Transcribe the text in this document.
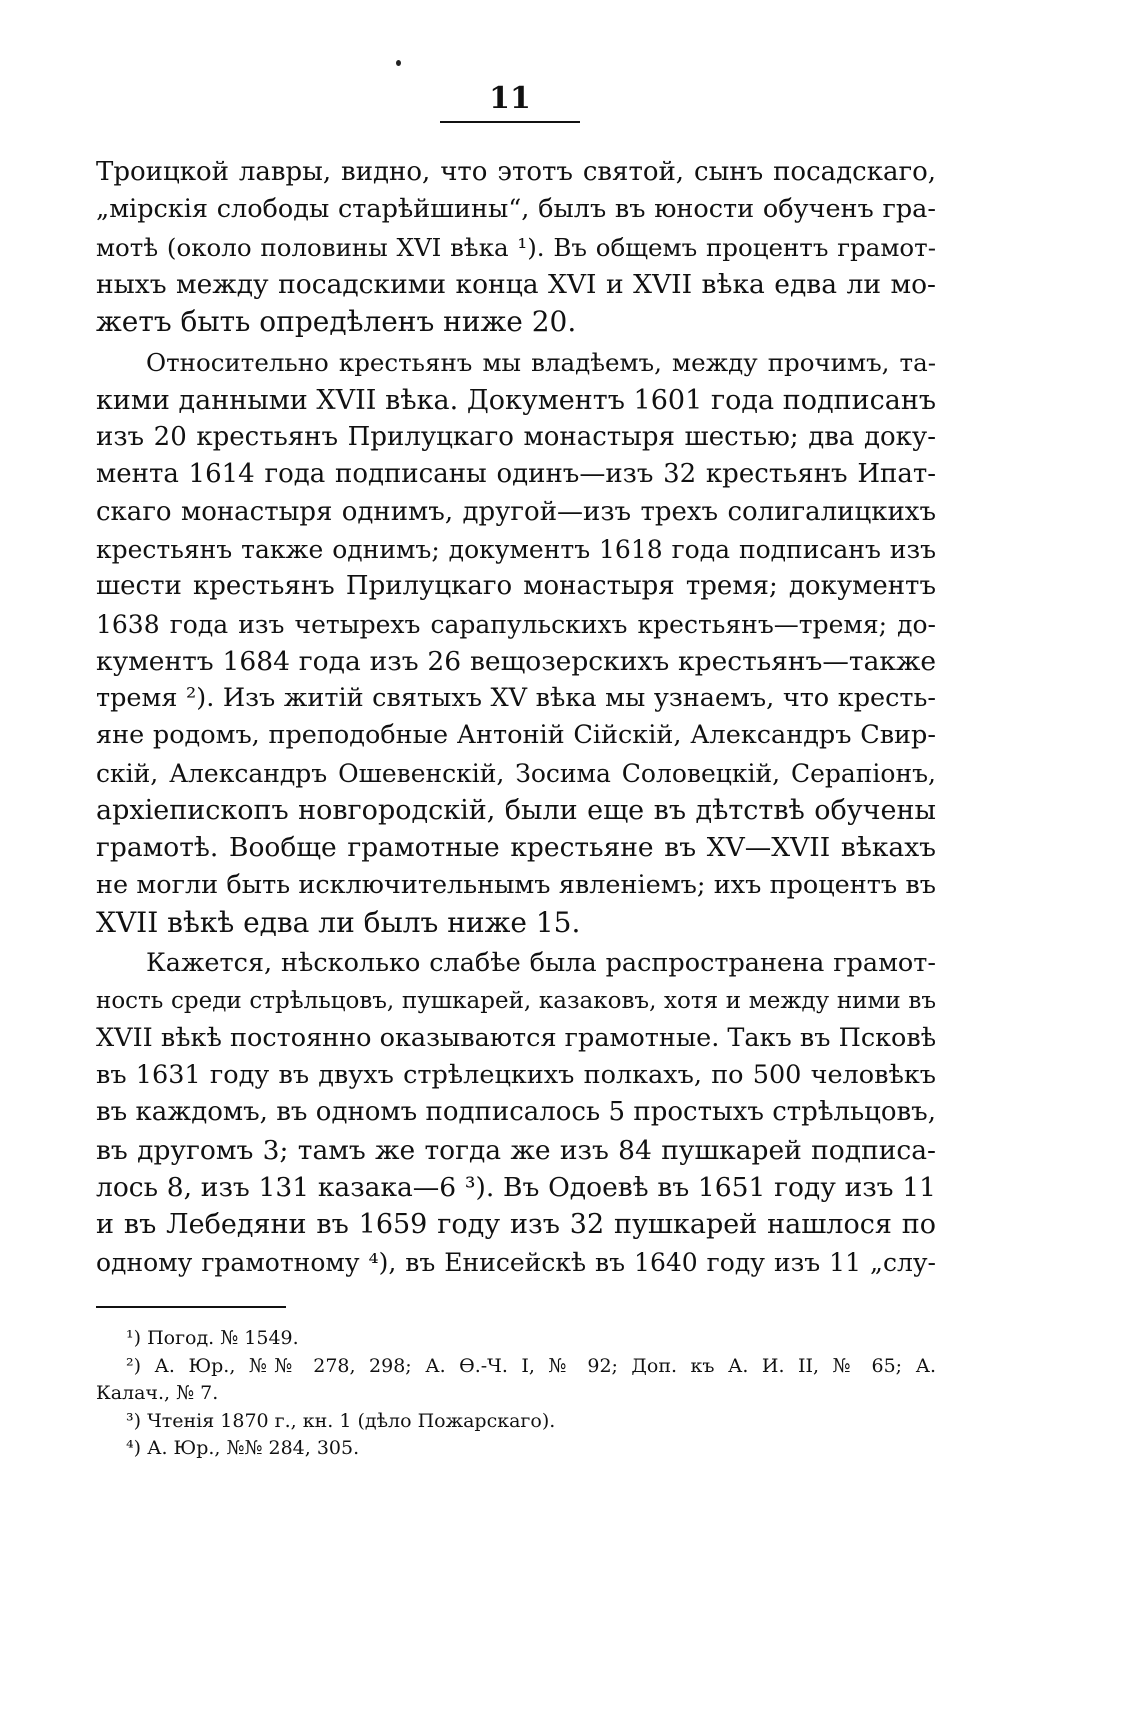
11
Троицкой лавры, видно, что этотъ святой, сынъ посадскаго,
„мірскія слободы старѣйшины“, былъ въ юности обученъ гра-
мотѣ (около половины XVI вѣка ¹). Въ общемъ процентъ грамот-
ныхъ между посадскими конца XVI и XVII вѣка едва ли мо-
жетъ быть опредѣленъ ниже 20.
Относительно крестьянъ мы владѣемъ, между прочимъ, та-
кими данными XVII вѣка. Документъ 1601 года подписанъ
изъ 20 крестьянъ Прилуцкаго монастыря шестью; два доку-
мента 1614 года подписаны одинъ—изъ 32 крестьянъ Ипат-
скаго монастыря однимъ, другой—изъ трехъ солигалицкихъ
крестьянъ также однимъ; документъ 1618 года подписанъ изъ
шести крестьянъ Прилуцкаго монастыря тремя; документъ
1638 года изъ четырехъ сарапульскихъ крестьянъ—тремя; до-
кументъ 1684 года изъ 26 вещозерскихъ крестьянъ—также
тремя ²). Изъ житій святыхъ XV вѣка мы узнаемъ, что кресть-
яне родомъ, преподобные Антоній Сійскій, Александръ Свир-
скій, Александръ Ошевенскій, Зосима Соловецкій, Серапіонъ,
архіепископъ новгородскій, были еще въ дѣтствѣ обучены
грамотѣ. Вообще грамотные крестьяне въ XV—XVII вѣкахъ
не могли быть исключительнымъ явленіемъ; ихъ процентъ въ
XVII вѣкѣ едва ли былъ ниже 15.
Кажется, нѣсколько слабѣе была распространена грамот-
ность среди стрѣльцовъ, пушкарей, казаковъ, хотя и между ними въ
XVII вѣкѣ постоянно оказываются грамотные. Такъ въ Псковѣ
въ 1631 году въ двухъ стрѣлецкихъ полкахъ, по 500 человѣкъ
въ каждомъ, въ одномъ подписалось 5 простыхъ стрѣльцовъ,
въ другомъ 3; тамъ же тогда же изъ 84 пушкарей подписа-
лось 8, изъ 131 казака—6 ³). Въ Одоевѣ въ 1651 году изъ 11
и въ Лебедяни въ 1659 году изъ 32 пушкарей нашлося по
одному грамотному ⁴), въ Енисейскѣ въ 1640 году изъ 11 „слу-
¹) Погод. № 1549.
²) А. Юр., №№ 278, 298; А. Ѳ.-Ч. I, № 92; Доп. къ А. И. II, № 65; А.
Калач., № 7.
³) Чтенія 1870 г., кн. 1 (дѣло Пожарскаго).
⁴) А. Юр., №№ 284, 305.
